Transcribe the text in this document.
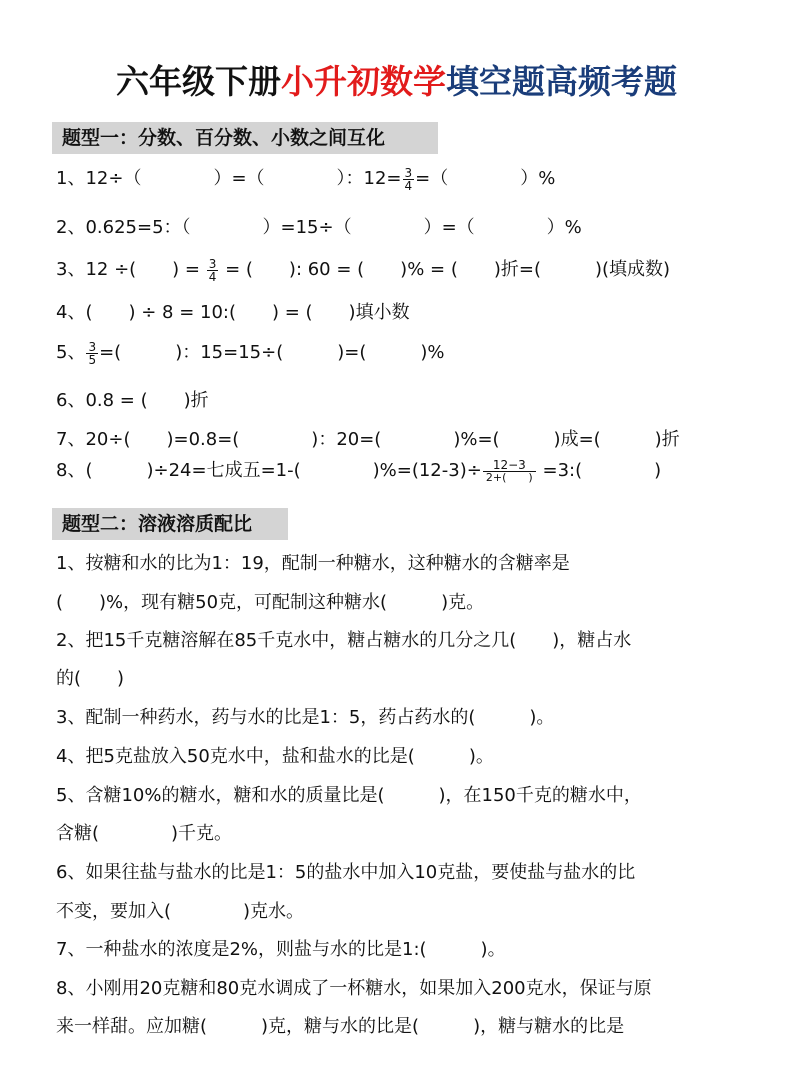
六年级下册小升初数学填空题高频考题
题型一：分数、百分数、小数之间互化
1、12÷（　　　　）=（　　　　）：$12= \frac{3}{4}$ =（　　　　）%
2、0.625=5：（　　　　）=15÷（　　　　）=（　　　　）%
3、12 ÷(　　) = $\frac{3}{4}$ = (　　): 60 = (　　)% = (　　)折=(　　　)(填成数)
4、(　　) ÷ 8 = 10:(　　) = (　　)填小数
5、 $\frac{3}{5}$ =(　　　)：15=15÷(　　　)=(　　　)%
6、0.8 = (　　)折
7、20÷(　　)=0.8=(　　　　)：20=(　　　　)%=(　　　)成=(　　　)折
8、(　　　)÷24=七成五=1-(　　　　)$\%=(12-3)\div \frac{12-3}{2+( )}$ =3:(　　　　)
题型二：溶液溶质配比
1、按糖和水的比为1：19，配制一种糖水，这种糖水的含糖率是
(　　)%，现有糖50克，可配制这种糖水(　　　)克。
2、把15千克糖溶解在85千克水中，糖占糖水的几分之几(　　)，糖占水
的(　　)
3、配制一种药水，药与水的比是1：5，药占药水的(　　　)。
4、把5克盐放入50克水中，盐和盐水的比是(　　　)。
5、含糖10%的糖水，糖和水的质量比是(　　　)，在150千克的糖水中，
含糖(　　　　)千克。
6、如果往盐与盐水的比是1：5的盐水中加入10克盐，要使盐与盐水的比
不变，要加入(　　　　)克水。
7、一种盐水的浓度是2%，则盐与水的比是1:(　　　)。
8、小刚用20克糖和80克水调成了一杯糖水，如果加入200克水，保证与原
来一样甜。应加糖(　　　)克，糖与水的比是(　　　)，糖与糖水的比是
